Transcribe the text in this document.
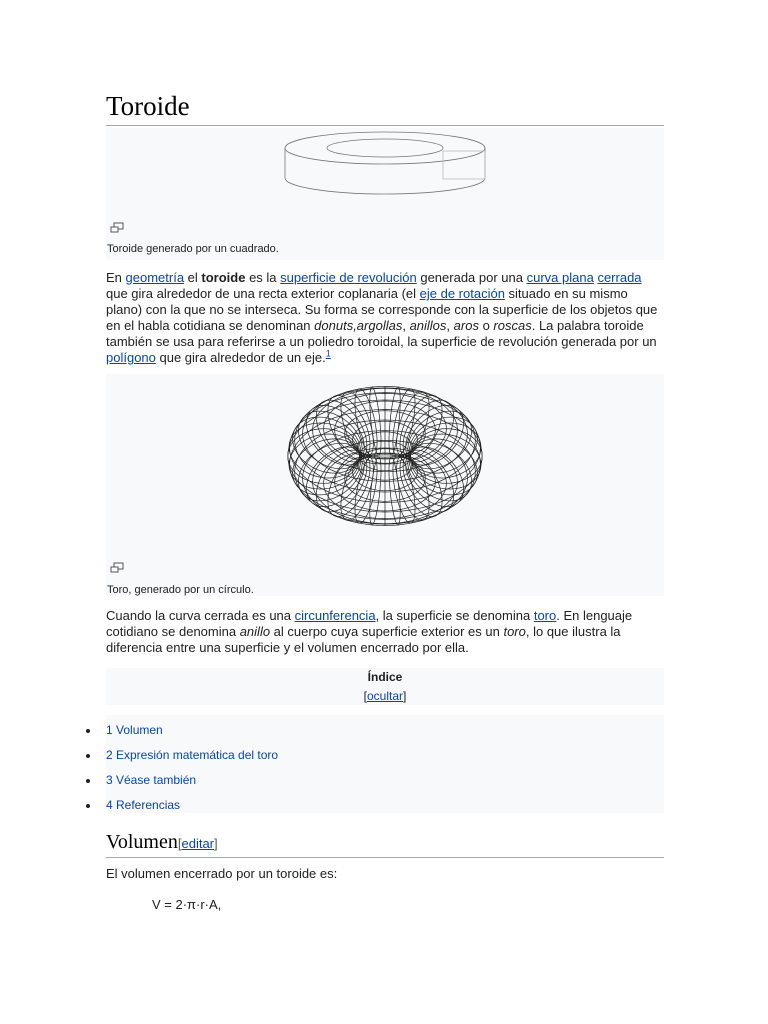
Toroide
Toroide generado por un cuadrado.

En geometría el toroide es la superficie de revolución generada por una curva plana cerrada que gira alrededor de una recta exterior coplanaria (el eje de rotación situado en su mismo plano) con la que no se interseca. Su forma se corresponde con la superficie de los objetos que en el habla cotidiana se denominan donuts,argollas, anillos, aros o roscas. La palabra toroide también se usa para referirse a un poliedro toroidal, la superficie de revolución generada por un polígono que gira alrededor de un eje.$^1$

Toro, generado por un círculo.

Cuando la curva cerrada es una circunferencia, la superficie se denomina toro. En lenguaje cotidiano se denomina anillo al cuerpo cuya superficie exterior es un toro, lo que ilustra la diferencia entre una superficie y el volumen encerrado por ella.

Índice
[ocultar]
1 Volumen
2 Expresión matemática del toro
3 Véase también
4 Referencias
Volumen[editar]

El volumen encerrado por un toroide es:

V = 2·π·r·A,
